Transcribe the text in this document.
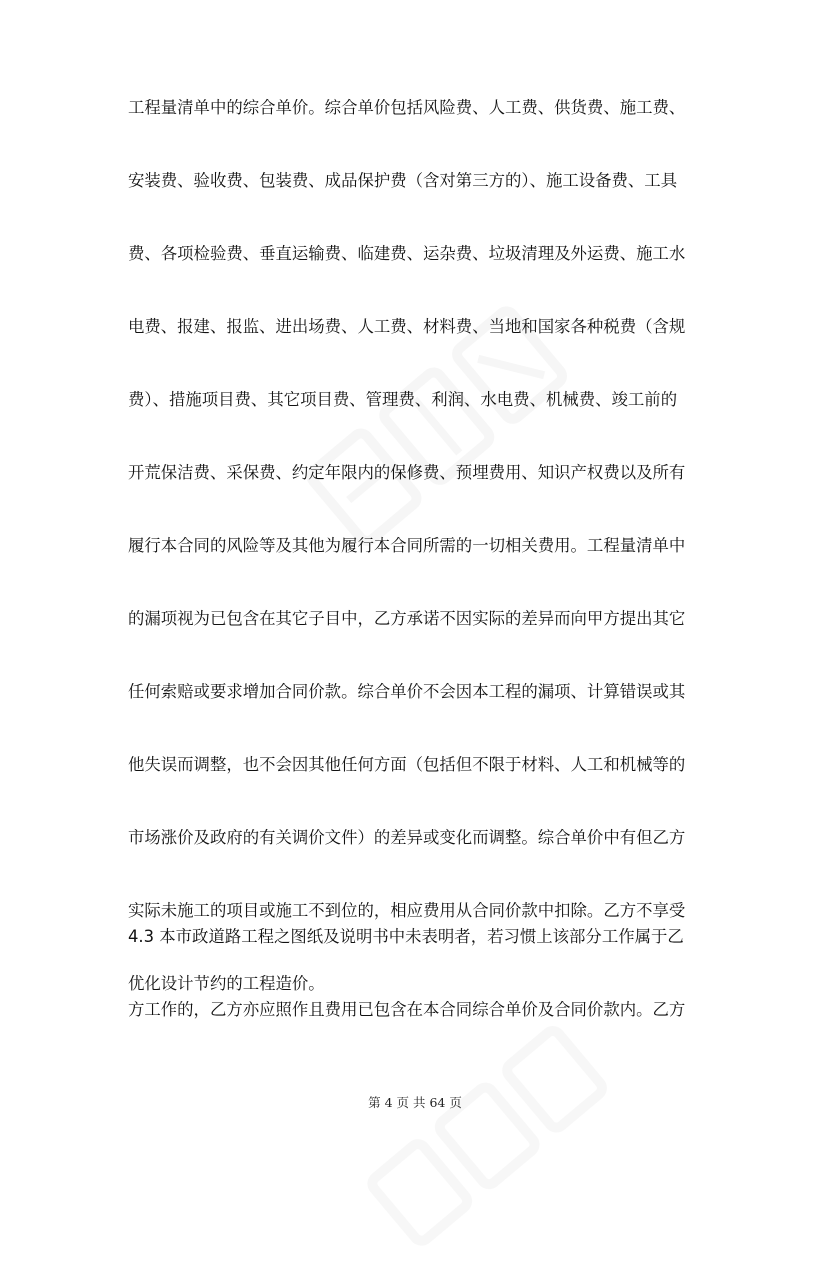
工程量清单中的综合单价。综合单价包括风险费、人工费、供货费、施工费、
安装费、验收费、包装费、成品保护费（含对第三方的）、施工设备费、工具
费、各项检验费、垂直运输费、临建费、运杂费、垃圾清理及外运费、施工水
电费、报建、报监、进出场费、人工费、材料费、当地和国家各种税费（含规
费）、措施项目费、其它项目费、管理费、利润、水电费、机械费、竣工前的
开荒保洁费、采保费、约定年限内的保修费、预埋费用、知识产权费以及所有
履行本合同的风险等及其他为履行本合同所需的一切相关费用。工程量清单中
的漏项视为已包含在其它子目中，乙方承诺不因实际的差异而向甲方提出其它
任何索赔或要求增加合同价款。综合单价不会因本工程的漏项、计算错误或其
他失误而调整，也不会因其他任何方面（包括但不限于材料、人工和机械等的
市场涨价及政府的有关调价文件）的差异或变化而调整。综合单价中有但乙方
实际未施工的项目或施工不到位的，相应费用从合同价款中扣除。乙方不享受
优化设计节约的工程造价。
4.3 本市政道路工程之图纸及说明书中未表明者，若习惯上该部分工作属于乙
方工作的，乙方亦应照作且费用已包含在本合同综合单价及合同价款内。乙方
第 4 页 共 64 页
